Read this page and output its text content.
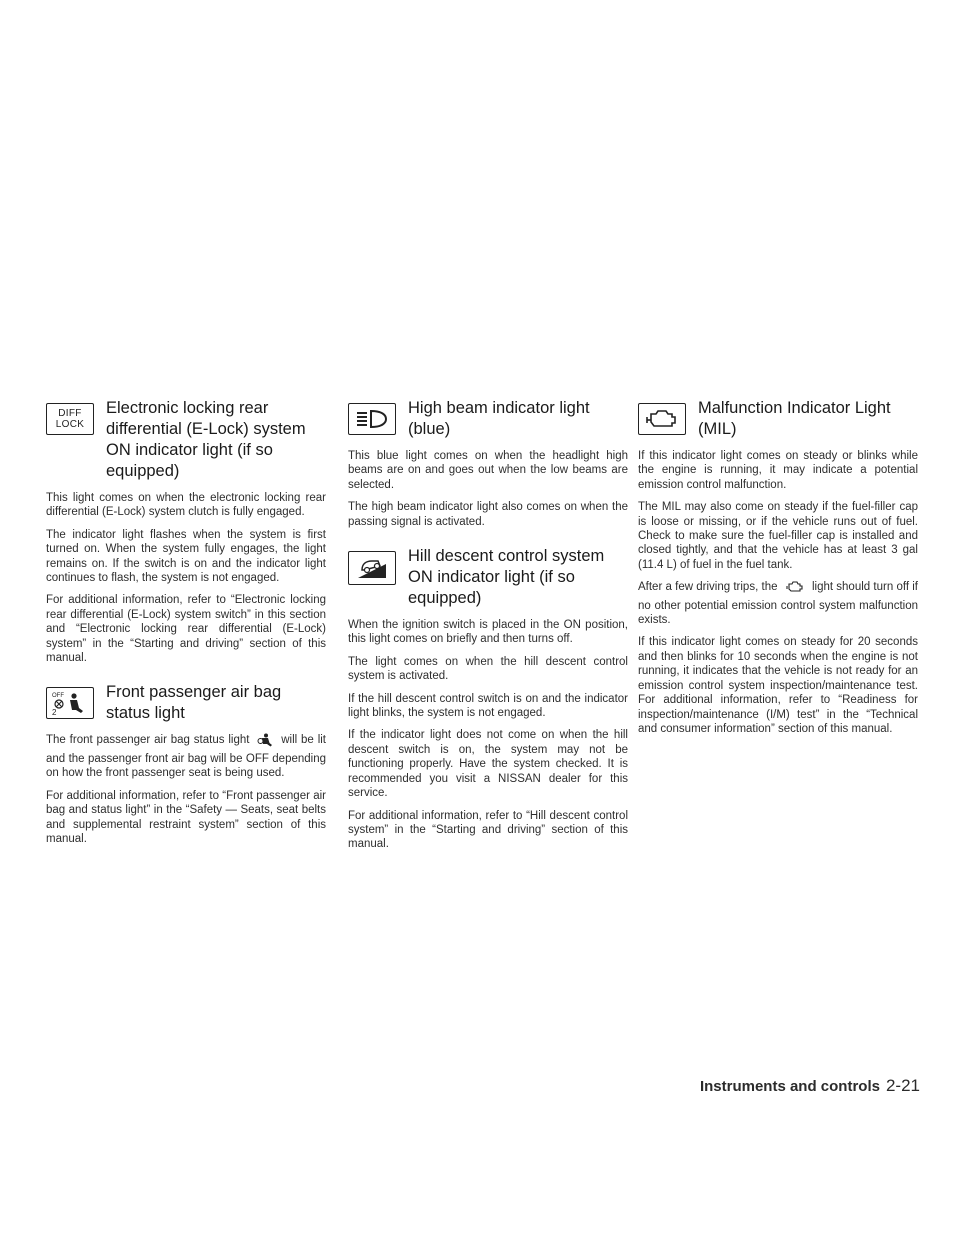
DIFF
LOCK
Electronic locking rear differential (E-Lock) system ON indicator light (if so equipped)

This light comes on when the electronic locking rear differential (E-Lock) system clutch is fully engaged.

The indicator light flashes when the system is first turned on. When the system fully engages, the light remains on. If the switch is on and the indicator light continues to flash, the system is not engaged.

For additional information, refer to “Electronic locking rear differential (E-Lock) system switch” in this section and “Electronic locking rear differential (E-Lock) system” in the “Starting and driving” section of this manual.

OFF
2
Front passenger air bag status light

The front passenger air bag status light	will be lit and the passenger front air bag will be OFF depending on how the front passenger seat is being used.

For additional information, refer to “Front passenger air bag and status light” in the “Safety — Seats, seat belts and supplemental restraint system” section of this manual.

High beam indicator light (blue)

This blue light comes on when the headlight high beams are on and goes out when the low beams are selected.

The high beam indicator light also comes on when the passing signal is activated.

Hill descent control system ON indicator light (if so equipped)

When the ignition switch is placed in the ON position, this light comes on briefly and then turns off.

The light comes on when the hill descent control system is activated.

If the hill descent control switch is on and the indicator light blinks, the system is not engaged.

If the indicator light does not come on when the hill descent switch is on, the system may not be functioning properly. Have the system checked. It is recommended you visit a NISSAN dealer for this service.

For additional information, refer to “Hill descent control system” in the “Starting and driving” section of this manual.

Malfunction Indicator Light (MIL)

If this indicator light comes on steady or blinks while the engine is running, it may indicate a potential emission control malfunction.

The MIL may also come on steady if the fuel-filler cap is loose or missing, or if the vehicle runs out of fuel. Check to make sure the fuel-filler cap is installed and closed tightly, and that the vehicle has at least 3 gal (11.4 L) of fuel in the fuel tank.

After a few driving trips, the	light should turn off if no other potential emission control system malfunction exists.

If this indicator light comes on steady for 20 seconds and then blinks for 10 seconds when the engine is not running, it indicates that the vehicle is not ready for an emission control system inspection/maintenance test. For additional information, refer to “Readiness for inspection/maintenance (I/M) test” in the “Technical and consumer information” section of this manual.

Instruments and controls 2-21
